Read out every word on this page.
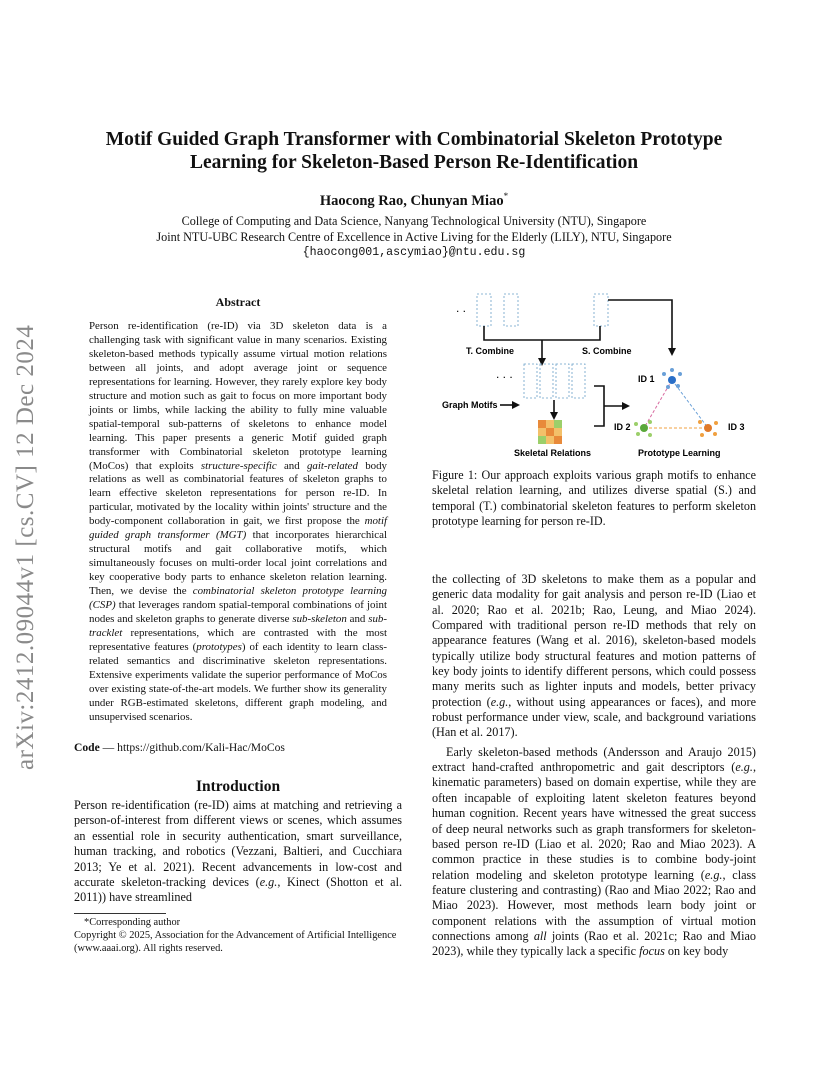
arXiv:2412.09044v1 [cs.CV] 12 Dec 2024
Motif Guided Graph Transformer with Combinatorial Skeleton Prototype
Learning for Skeleton-Based Person Re-Identification
Haocong Rao, Chunyan Miao*
College of Computing and Data Science, Nanyang Technological University (NTU), Singapore
Joint NTU-UBC Research Centre of Excellence in Active Living for the Elderly (LILY), NTU, Singapore
{haocong001,ascymiao}@ntu.edu.sg
Abstract

Person re-identification (re-ID) via 3D skeleton data is a challenging task with significant value in many scenarios. Existing skeleton-based methods typically assume virtual motion relations between all joints, and adopt average joint or sequence representations for learning. However, they rarely explore key body structure and motion such as gait to focus on more important body joints or limbs, while lacking the ability to fully mine valuable spatial-temporal sub-patterns of skeletons to enhance model learning. This paper presents a generic Motif guided graph transformer with Combinatorial skeleton prototype learning (MoCos) that exploits structure-specific and gait-related body relations as well as combinatorial features of skeleton graphs to learn effective skeleton representations for person re-ID. In particular, motivated by the locality within joints' structure and the body-component collaboration in gait, we first propose the motif guided graph transformer (MGT) that incorporates hierarchical structural motifs and gait collaborative motifs, which simultaneously focuses on multi-order local joint correlations and key cooperative body parts to enhance skeleton relation learning. Then, we devise the combinatorial skeleton prototype learning (CSP) that leverages random spatial-temporal combinations of joint nodes and skeleton graphs to generate diverse sub-skeleton and sub-tracklet representations, which are contrasted with the most representative features (prototypes) of each identity to learn class-related semantics and discriminative skeleton representations. Extensive experiments validate the superior performance of MoCos over existing state-of-the-art models. We further show its generality under RGB-estimated skeletons, different graph modeling, and unsupervised scenarios.

Code — https://github.com/Kali-Hac/MoCos
Introduction

Person re-identification (re-ID) aims at matching and retrieving a person-of-interest from different views or scenes, which assumes an essential role in security authentication, smart surveillance, human tracking, and robotics (Vezzani, Baltieri, and Cucchiara 2013; Ye et al. 2021). Recent advancements in low-cost and accurate skeleton-tracking devices (e.g., Kinect (Shotton et al. 2011)) have streamlined

*Corresponding author
Copyright © 2025, Association for the Advancement of Artificial Intelligence (www.aaai.org). All rights reserved.
. .
T. Combine	S. Combine
. . .
Graph Motifs
Skeletal Relations
ID 1
ID 2	ID 3
Prototype Learning
Figure 1: Our approach exploits various graph motifs to enhance skeletal relation learning, and utilizes diverse spatial (S.) and temporal (T.) combinatorial skeleton features to perform skeleton prototype learning for person re-ID.

the collecting of 3D skeletons to make them as a popular and generic data modality for gait analysis and person re-ID (Liao et al. 2020; Rao et al. 2021b; Rao, Leung, and Miao 2024). Compared with traditional person re-ID methods that rely on appearance features (Wang et al. 2016), skeleton-based models typically utilize body structural features and motion patterns of key body joints to identify different persons, which could possess many merits such as lighter inputs and models, better privacy protection (e.g., without using appearances or faces), and more robust performance under view, scale, and background variations (Han et al. 2017).

Early skeleton-based methods (Andersson and Araujo 2015) extract hand-crafted anthropometric and gait descriptors (e.g., kinematic parameters) based on domain expertise, while they are often incapable of exploiting latent skeleton features beyond human cognition. Recent years have witnessed the great success of deep neural networks such as graph transformers for skeleton-based person re-ID (Liao et al. 2020; Rao and Miao 2023). A common practice in these studies is to combine body-joint relation modeling and skeleton prototype learning (e.g., class feature clustering and contrasting) (Rao and Miao 2022; Rao and Miao 2023). However, most methods learn body joint or component relations with the assumption of virtual motion connections among all joints (Rao et al. 2021c; Rao and Miao 2023), while they typically lack a specific focus on key body
